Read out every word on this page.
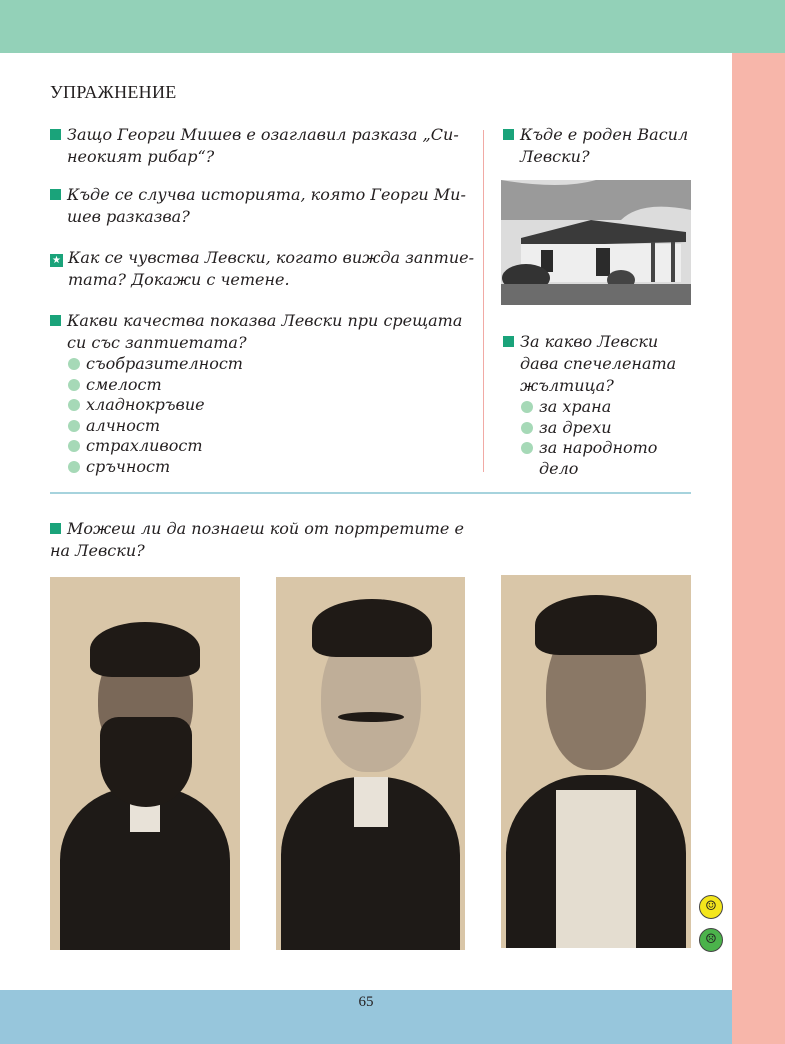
УПРАЖНЕНИЕ
Защо Георги Мишев е озаглавил разказа „Си-
неокият рибар“?
Къде се случва историята, която Георги Ми-
шев разказва?
★ Как се чувства Левски, когато вижда заптие-
тата? Докажи с четене.
Какви качества показва Левски при срещата
си със заптиетата?
съобразителност
смелост
хладнокръвие
алчност
страхливост
сръчност
Къде е роден Васил
Левски?
За какво Левски
дава спечелената
жълтица?
за храна
за дрехи
за народното
дело
Можеш ли да познаеш кой от портретите е
на Левски?
☺
☹
65
